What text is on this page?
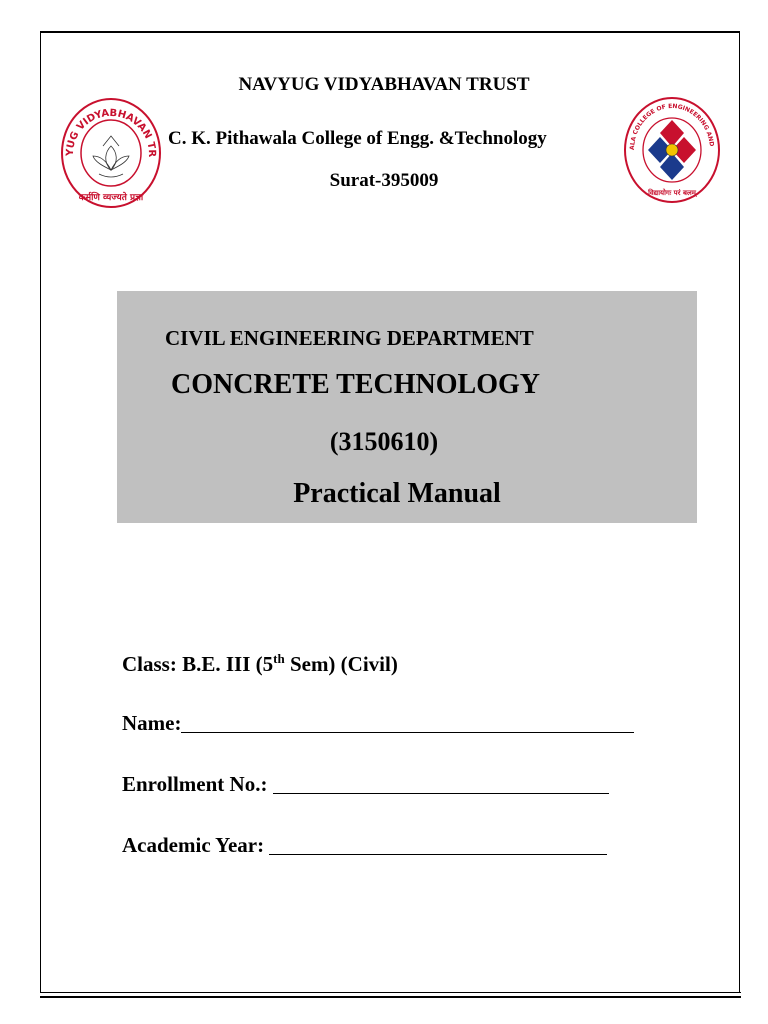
NAVYUG VIDYABHAVAN TRUST
C. K. Pithawala College of Engg. &Technology
Surat-395009
YUG VIDYABHAVAN TR
कर्मणि व्यज्यते प्रज्ञा
ALA COLLEGE OF ENGINEERING AND
विद्यायोगः परं बलम्
CIVIL ENGINEERING DEPARTMENT
CONCRETE TECHNOLOGY
(3150610)
Practical Manual
Class: B.E. III (5th Sem) (Civil)
Name:
Enrollment No.:
Academic Year:
